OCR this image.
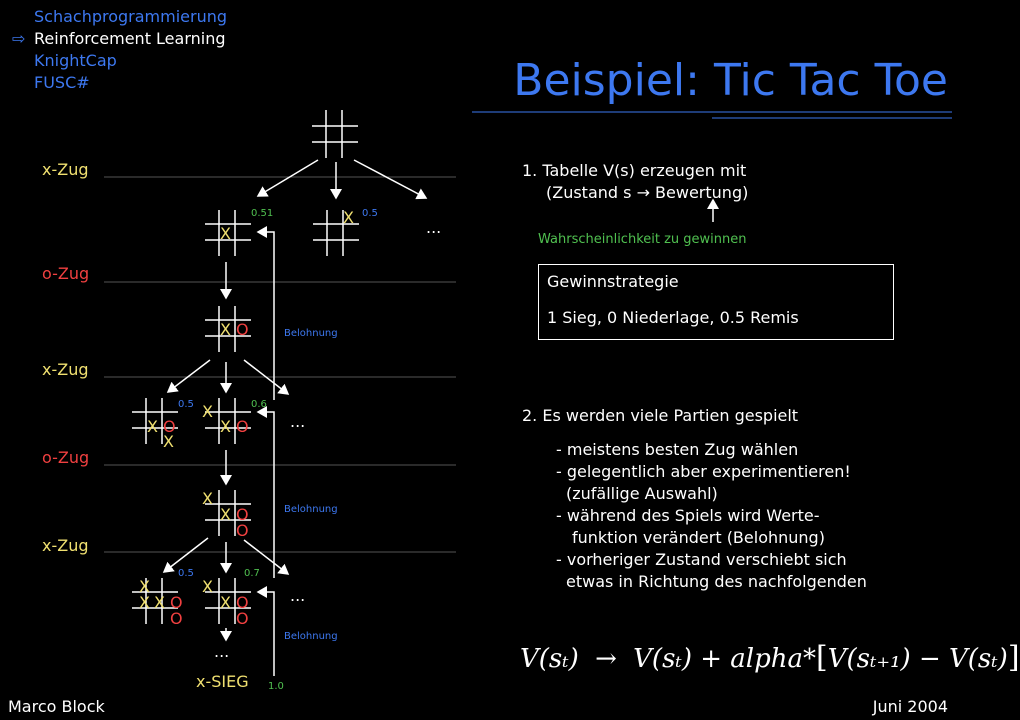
Schachprogrammierung
⇨ Reinforcement Learning
KnightCap
FUSC#	Beispiel: Tic Tac Toe
x-Zug
o-Zug
x-Zug
o-Zug
x-Zug
X
X
X O
X O
X
X
X O
X
X O
O
X
X X O
O
X
X O
O
0.51	0.5
0.5	0.6
0.5	0.7
1.0
Belohnung
Belohnung
Belohnung
...
...
...
...
x-SIEG
1. Tabelle V(s) erzeugen mit
(Zustand s → Bewertung)
Wahrscheinlichkeit zu gewinnen
Gewinnstrategie
1 Sieg, 0 Niederlage, 0.5 Remis
2. Es werden viele Partien gespielt
- meistens besten Zug wählen
- gelegentlich aber experimentieren!
(zufällige Auswahl)
- während des Spiels wird Werte-
funktion verändert (Belohnung)
- vorheriger Zustand verschiebt sich
etwas in Richtung des nachfolgenden
V(sₜ) → V(sₜ) + alpha*[V(sₜ₊₁) − V(sₜ)]
Marco Block	Juni 2004
